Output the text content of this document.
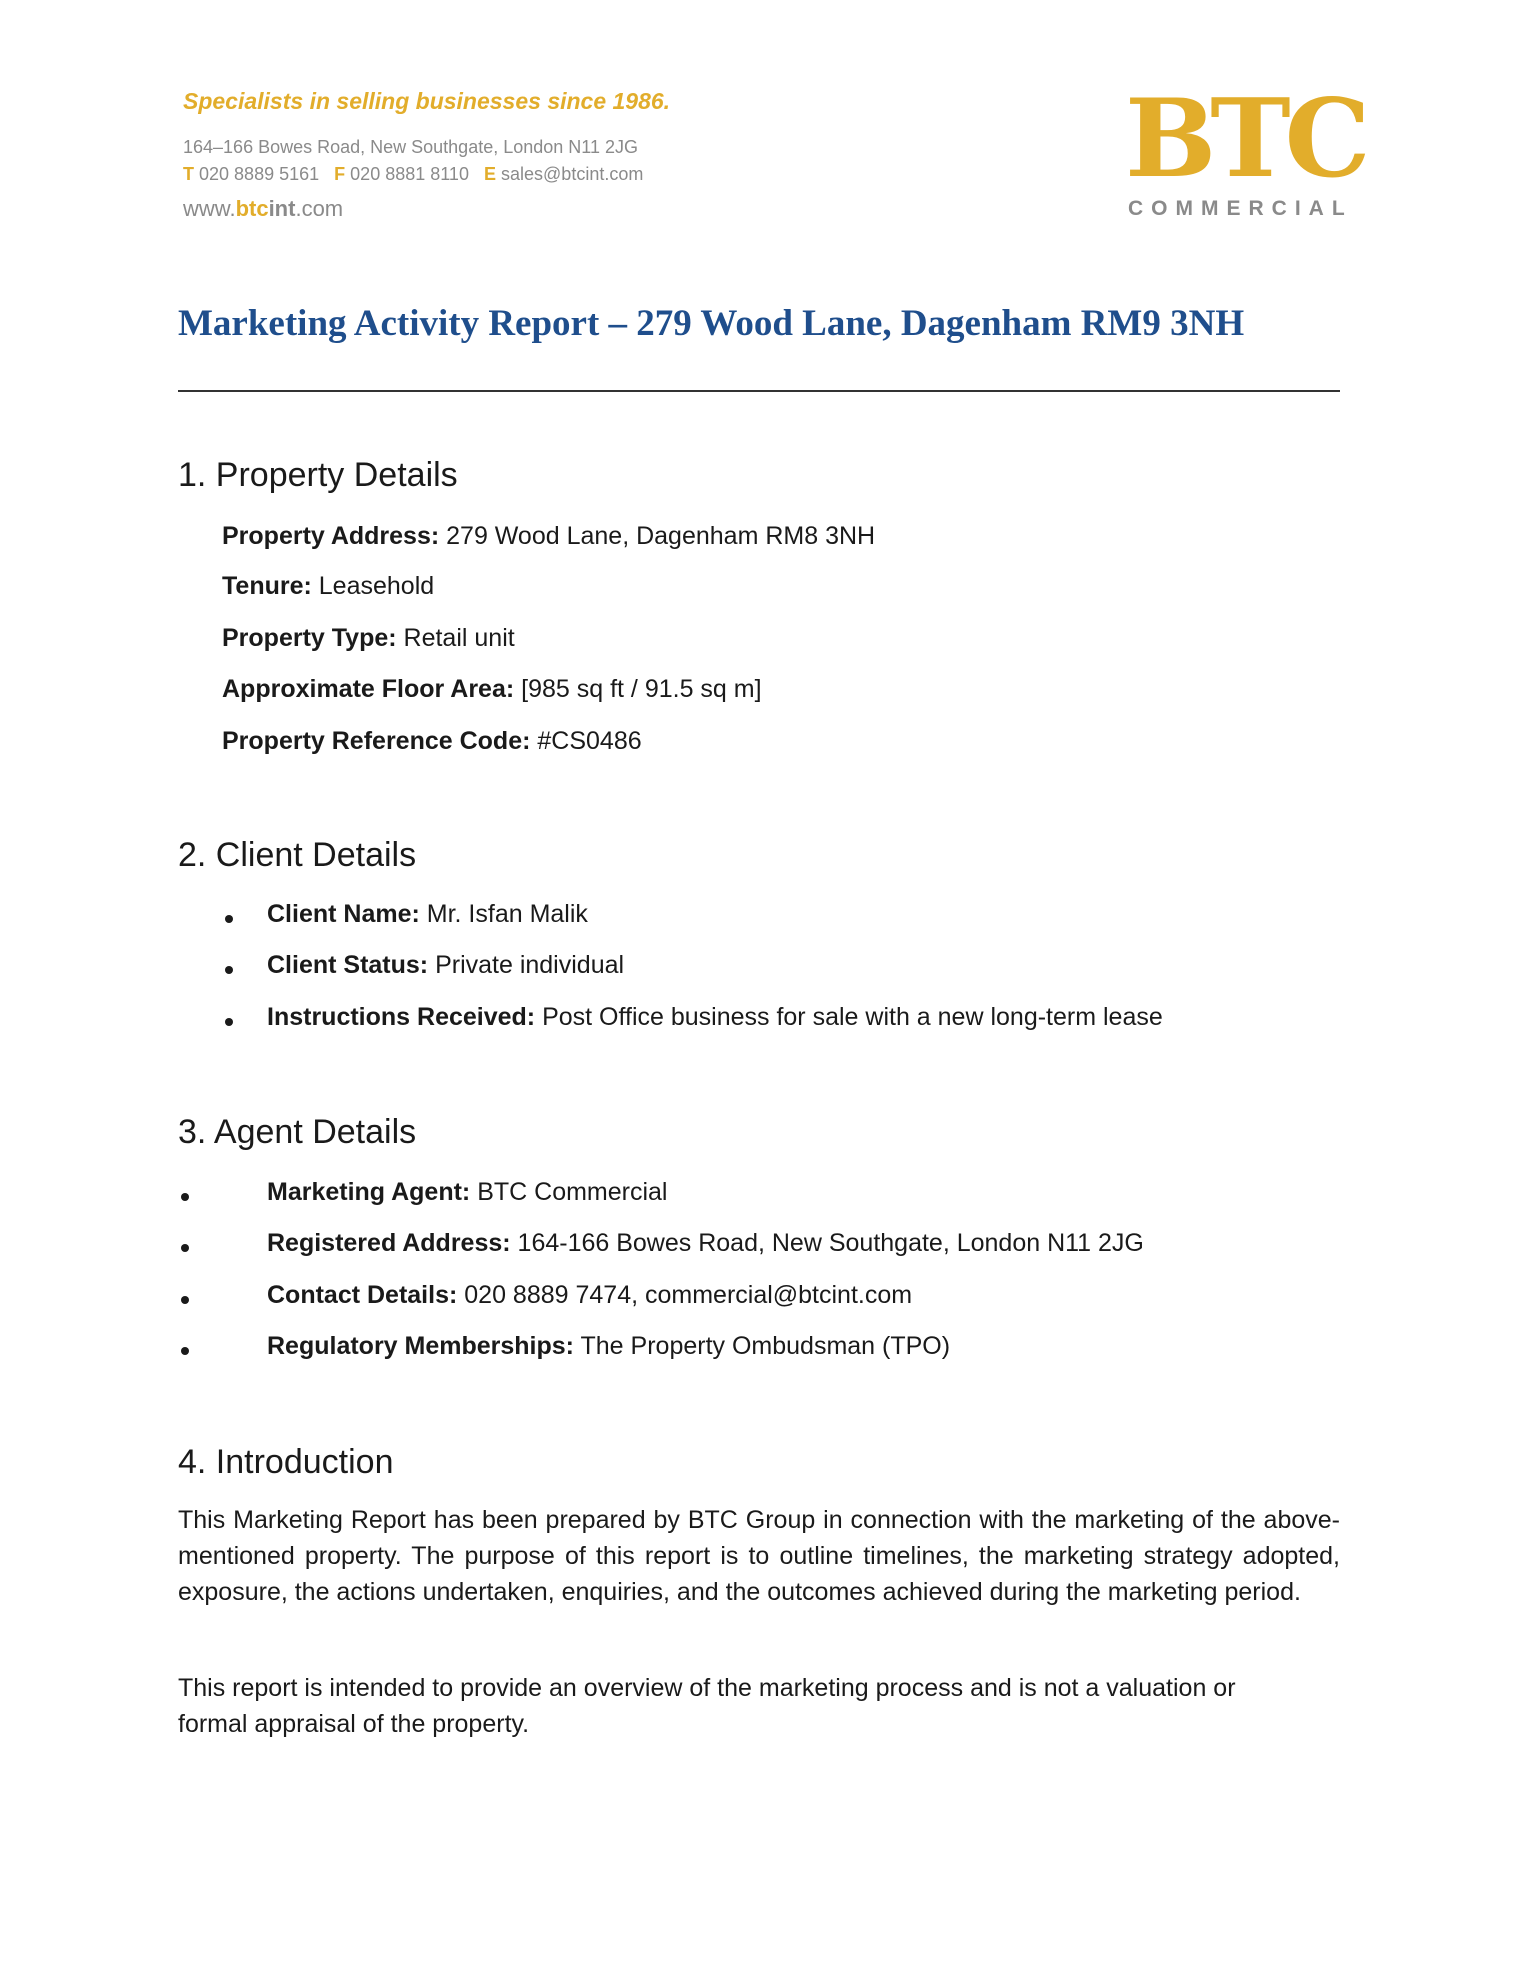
Specialists in selling businesses since 1986.
164–166 Bowes Road, New Southgate, London N11 2JG
T 020 8889 5161 F 020 8881 8110 E sales@btcint.com
www.btcint.com
BTC
COMMERCIAL
Marketing Activity Report – 279 Wood Lane, Dagenham RM9 3NH
1. Property Details
Property Address: 279 Wood Lane, Dagenham RM8 3NH
Tenure: Leasehold
Property Type: Retail unit
Approximate Floor Area: [985 sq ft / 91.5 sq m]
Property Reference Code: #CS0486
2. Client Details
Client Name: Mr. Isfan Malik
Client Status: Private individual
Instructions Received: Post Office business for sale with a new long-term lease
3. Agent Details
Marketing Agent: BTC Commercial
Registered Address: 164-166 Bowes Road, New Southgate, London N11 2JG
Contact Details: 020 8889 7474, commercial@btcint.com
Regulatory Memberships: The Property Ombudsman (TPO)
4. Introduction
This Marketing Report has been prepared by BTC Group in connection with the marketing of the above-mentioned property. The purpose of this report is to outline timelines, the marketing strategy adopted, exposure, the actions undertaken, enquiries, and the outcomes achieved during the marketing period.
This report is intended to provide an overview of the marketing process and is not a valuation or formal appraisal of the property.
